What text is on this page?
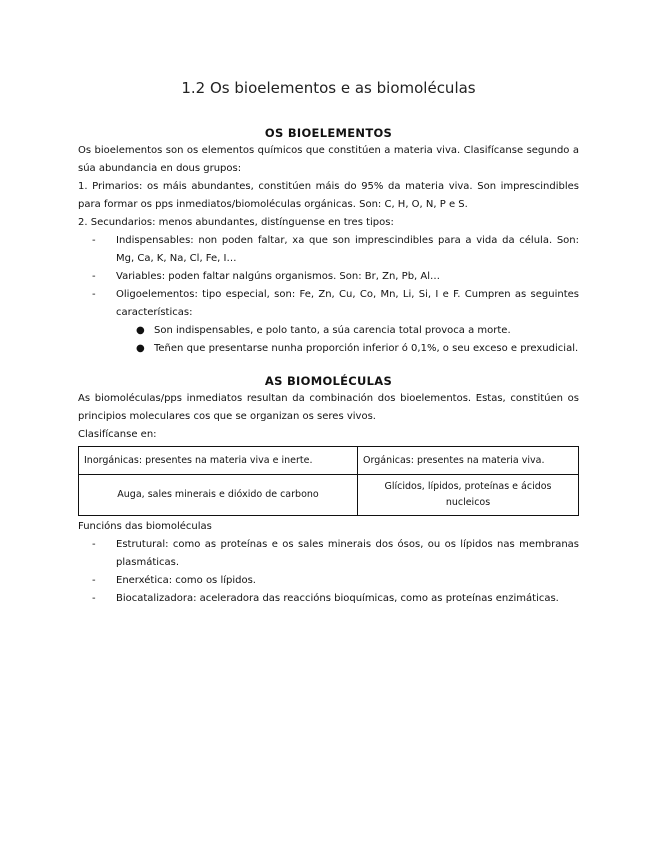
1.2 Os bioelementos e as biomoléculas
OS BIOELEMENTOS
Os bioelementos son os elementos químicos que constitúen a materia viva. Clasifícanse segundo a súa abundancia en dous grupos:
1. Primarios: os máis abundantes, constitúen máis do 95% da materia viva. Son imprescindibles para formar os pps inmediatos/biomoléculas orgánicas. Son: C, H, O, N, P e S.
2. Secundarios: menos abundantes, distínguense en tres tipos:
- Indispensables: non poden faltar, xa que son imprescindibles para a vida da célula. Son: Mg, Ca, K, Na, Cl, Fe, I…
- Variables: poden faltar nalgúns organismos. Son: Br, Zn, Pb, Al…
- Oligoelementos: tipo especial, son: Fe, Zn, Cu, Co, Mn, Li, Si, I e F. Cumpren as seguintes características:
● Son indispensables, e polo tanto, a súa carencia total provoca a morte.
● Teñen que presentarse nunha proporción inferior ó 0,1%, o seu exceso e prexudicial.
AS BIOMOLÉCULAS
As biomoléculas/pps inmediatos resultan da combinación dos bioelementos. Estas, constitúen os principios moleculares cos que se organizan os seres vivos.
Clasifícanse en:
Inorgánicas: presentes na materia viva e inerte.	Orgánicas: presentes na materia viva.
Auga, sales minerais e dióxido de carbono	Glícidos, lípidos, proteínas e ácidos nucleicos
Funcións das biomoléculas
- Estrutural: como as proteínas e os sales minerais dos ósos, ou os lípidos nas membranas plasmáticas.
- Enerxética: como os lípidos.
- Biocatalizadora: aceleradora das reaccións bioquímicas, como as proteínas enzimáticas.
